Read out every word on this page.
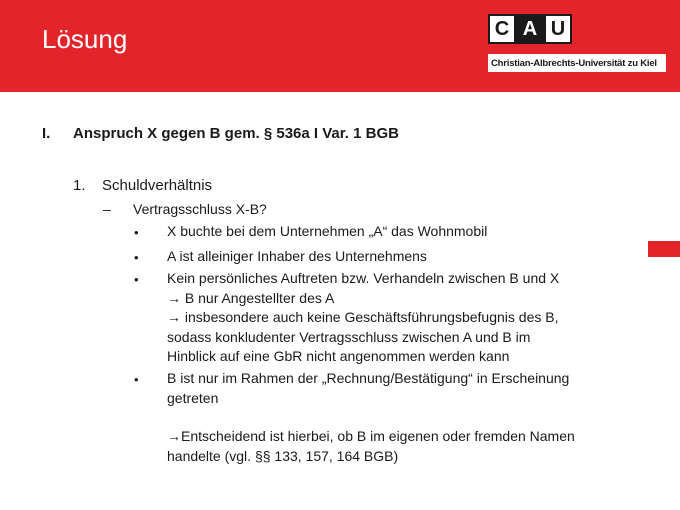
Lösung	C A U
Christian-Albrechts-Universität zu Kiel
I. Anspruch X gegen B gem. § 536a I Var. 1 BGB
1. Schuldverhältnis
– Vertragsschluss X-B?
• X buchte bei dem Unternehmen „A“ das Wohnmobil
• A ist alleiniger Inhaber des Unternehmens
• Kein persönliches Auftreten bzw. Verhandeln zwischen B und X
→ B nur Angestellter des A
→ insbesondere auch keine Geschäftsführungsbefugnis des B,
sodass konkludenter Vertragsschluss zwischen A und B im
Hinblick auf eine GbR nicht angenommen werden kann
• B ist nur im Rahmen der „Rechnung/Bestätigung“ in Erscheinung
getreten
→Entscheidend ist hierbei, ob B im eigenen oder fremden Namen
handelte (vgl. §§ 133, 157, 164 BGB)
